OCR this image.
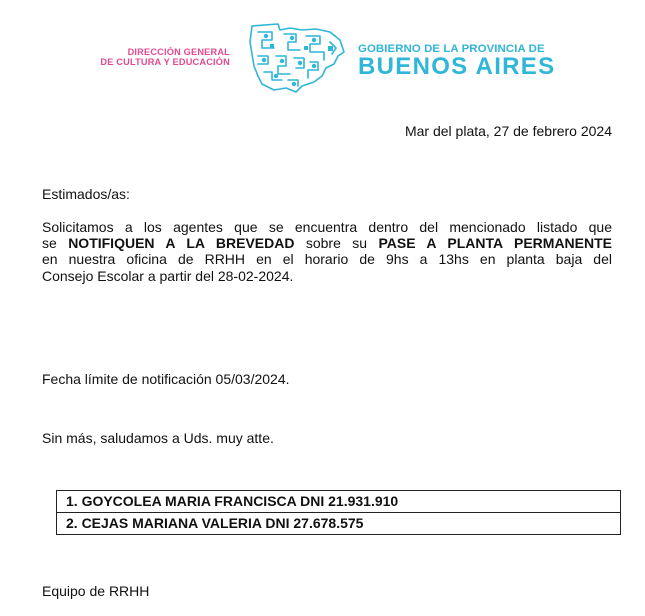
DIRECCIÓN GENERAL
DE CULTURA Y EDUCACIÓN
GOBIERNO DE LA PROVINCIA DE
BUENOS AIRES
Mar del plata, 27 de febrero 2024
Estimados/as:
Solicitamos a los agentes que se encuentra dentro del mencionado listado que
se NOTIFIQUEN A LA BREVEDAD sobre su PASE A PLANTA PERMANENTE
en nuestra oficina de RRHH en el horario de 9hs a 13hs en planta baja del
Consejo Escolar a partir del 28-02-2024.
Fecha límite de notificación 05/03/2024.
Sin más, saludamos a Uds. muy atte.
1. GOYCOLEA MARIA FRANCISCA DNI 21.931.910
2. CEJAS MARIANA VALERIA DNI 27.678.575
Equipo de RRHH
